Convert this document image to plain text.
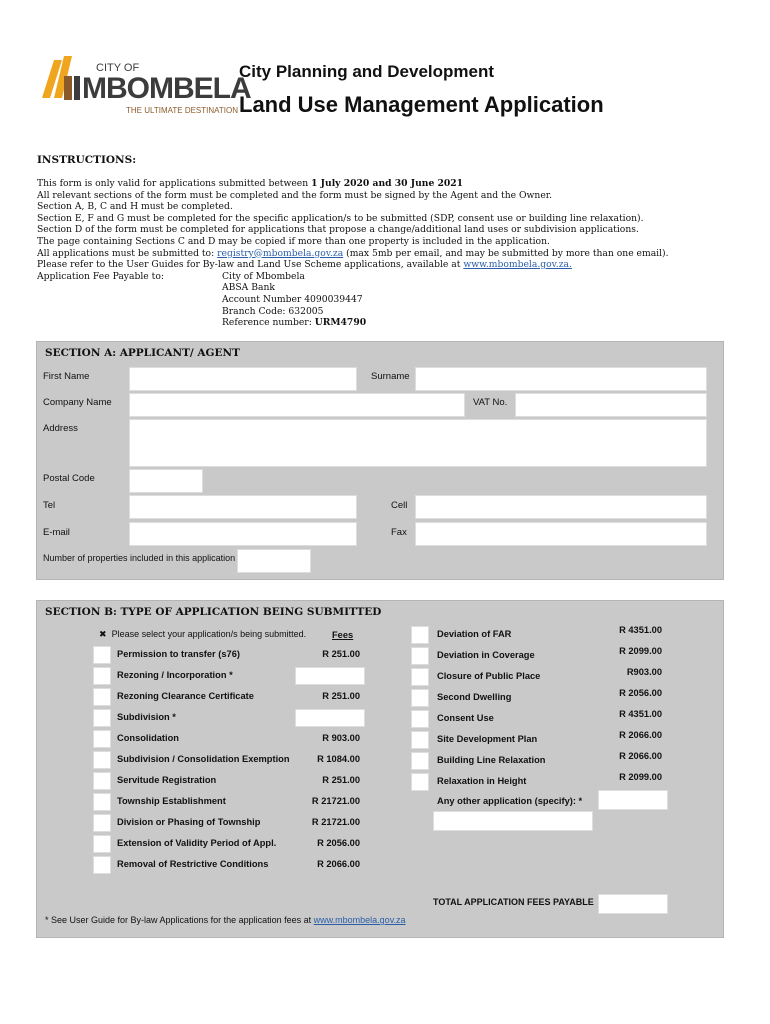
CITY OF
MBOMBELA
THE ULTIMATE DESTINATION
City Planning and Development
Land Use Management Application
INSTRUCTIONS:
This form is only valid for applications submitted between 1 July 2020 and 30 June 2021
All relevant sections of the form must be completed and the form must be signed by the Agent and the Owner.
Section A, B, C and H must be completed.
Section E, F and G must be completed for the specific application/s to be submitted (SDP, consent use or building line relaxation).
Section D of the form must be completed for applications that propose a change/additional land uses or subdivision applications.
The page containing Sections C and D may be copied if more than one property is included in the application.
All applications must be submitted to: registry@mbombela.gov.za (max 5mb per email, and may be submitted by more than one email).
Please refer to the User Guides for By-law and Land Use Scheme applications, available at www.mbombela.gov.za.
Application Fee Payable to:	City of Mbombela
ABSA Bank
Account Number 4090039447
Branch Code: 632005
Reference number: URM4790
SECTION A: APPLICANT/ AGENT
First Name	Surname
Company Name	VAT No.
Address
Postal Code
Tel	Cell
E-mail	Fax
Number of properties included in this application
SECTION B: TYPE OF APPLICATION BEING SUBMITTED
✖ Please select your application/s being submitted.	Fees
Permission to transfer (s76)	R 251.00
Rezoning / Incorporation *
Rezoning Clearance Certificate	R 251.00
Subdivision *
Consolidation	R 903.00
Subdivision / Consolidation Exemption	R 1084.00
Servitude Registration	R 251.00
Township Establishment	R 21721.00
Division or Phasing of Township	R 21721.00
Extension of Validity Period of Appl.	R 2056.00
Removal of Restrictive Conditions	R 2066.00
Deviation of FAR	R 4351.00
Deviation in Coverage	R 2099.00
Closure of Public Place	R903.00
Second Dwelling	R 2056.00
Consent Use	R 4351.00
Site Development Plan	R 2066.00
Building Line Relaxation	R 2066.00
Relaxation in Height	R 2099.00
Any other application (specify): *
TOTAL APPLICATION FEES PAYABLE
* See User Guide for By-law Applications for the application fees at www.mbombela.gov.za
